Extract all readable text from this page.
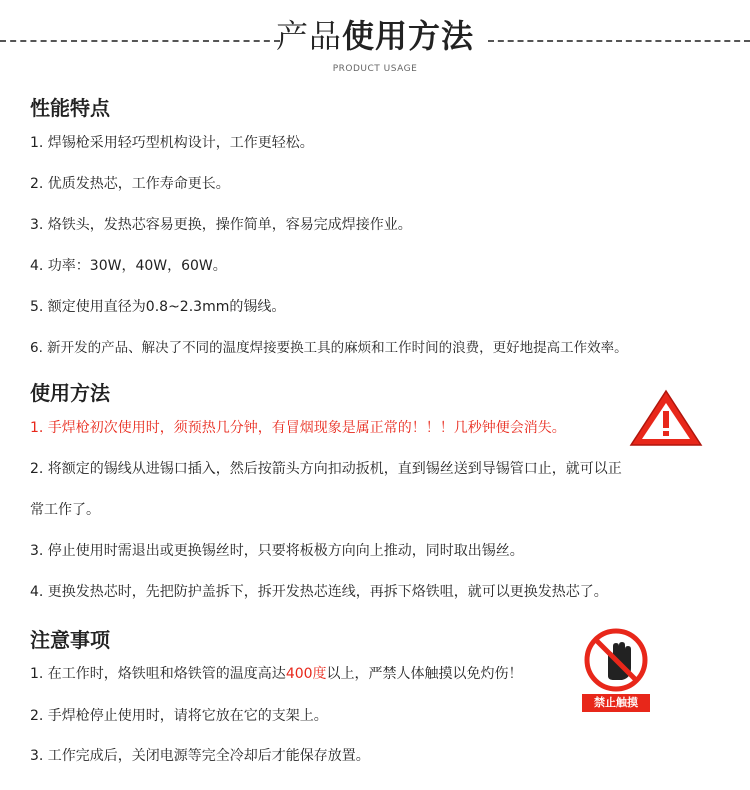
产品使用方法
PRODUCT USAGE
性能特点
1. 焊锡枪采用轻巧型机构设计，工作更轻松。
2. 优质发热芯，工作寿命更长。
3. 烙铁头，发热芯容易更换，操作简单，容易完成焊接作业。
4. 功率：30W，40W，60W。
5. 额定使用直径为0.8~2.3mm的锡线。
6. 新开发的产品、解决了不同的温度焊接要换工具的麻烦和工作时间的浪费，更好地提高工作效率。
使用方法
1. 手焊枪初次使用时，须预热几分钟，有冒烟现象是属正常的！！！几秒钟便会消失。
2. 将额定的锡线从进锡口插入，然后按箭头方向扣动扳机，直到锡丝送到导锡管口止，就可以正
常工作了。
3. 停止使用时需退出或更换锡丝时，只要将板极方向向上推动，同时取出锡丝。
4. 更换发热芯时，先把防护盖拆下，拆开发热芯连线，再拆下烙铁咀，就可以更换发热芯了。
注意事项
1. 在工作时，烙铁咀和烙铁管的温度高达400度以上，严禁人体触摸以免灼伤！
2. 手焊枪停止使用时，请将它放在它的支架上。
3. 工作完成后，关闭电源等完全冷却后才能保存放置。
禁止触摸
